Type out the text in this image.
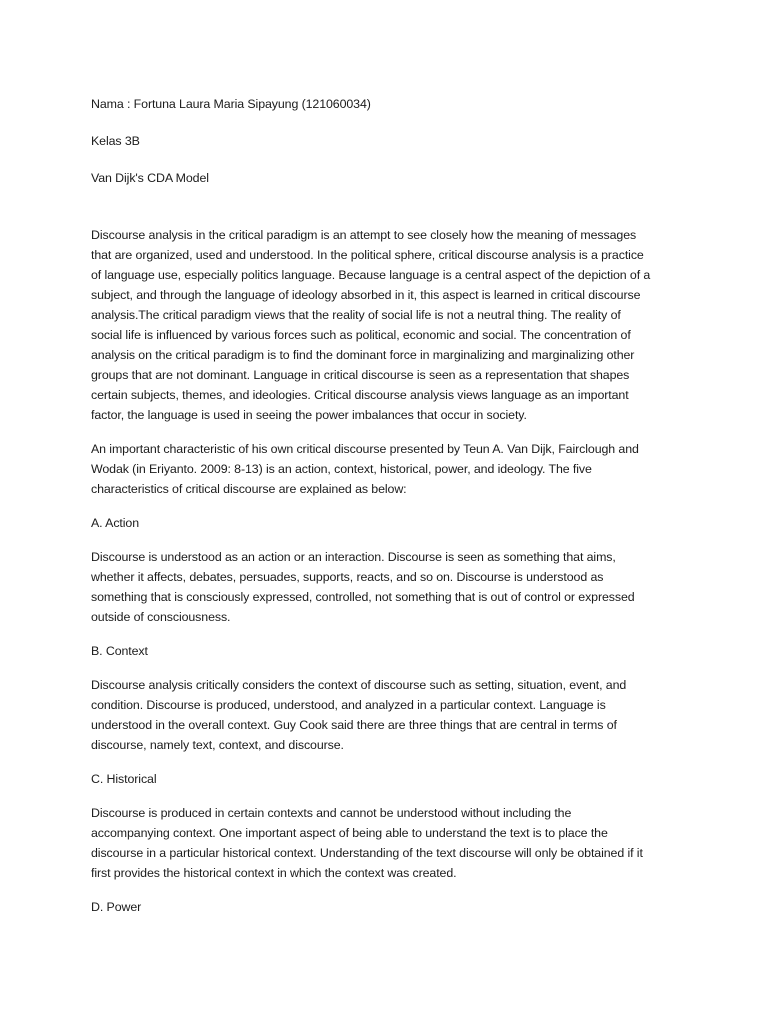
Nama : Fortuna Laura Maria Sipayung (121060034)

Kelas 3B

Van Dijk's CDA Model

Discourse analysis in the critical paradigm is an attempt to see closely how the meaning of messages

that are organized, used and understood. In the political sphere, critical discourse analysis is a practice

of language use, especially politics language. Because language is a central aspect of the depiction of a

subject, and through the language of ideology absorbed in it, this aspect is learned in critical discourse

analysis.The critical paradigm views that the reality of social life is not a neutral thing. The reality of

social life is influenced by various forces such as political, economic and social. The concentration of

analysis on the critical paradigm is to find the dominant force in marginalizing and marginalizing other

groups that are not dominant. Language in critical discourse is seen as a representation that shapes

certain subjects, themes, and ideologies. Critical discourse analysis views language as an important

factor, the language is used in seeing the power imbalances that occur in society.

An important characteristic of his own critical discourse presented by Teun A. Van Dijk, Fairclough and

Wodak (in Eriyanto. 2009: 8-13) is an action, context, historical, power, and ideology. The five

characteristics of critical discourse are explained as below:

A. Action

Discourse is understood as an action or an interaction. Discourse is seen as something that aims,

whether it affects, debates, persuades, supports, reacts, and so on. Discourse is understood as

something that is consciously expressed, controlled, not something that is out of control or expressed

outside of consciousness.

B. Context

Discourse analysis critically considers the context of discourse such as setting, situation, event, and

condition. Discourse is produced, understood, and analyzed in a particular context. Language is

understood in the overall context. Guy Cook said there are three things that are central in terms of

discourse, namely text, context, and discourse.

C. Historical

Discourse is produced in certain contexts and cannot be understood without including the

accompanying context. One important aspect of being able to understand the text is to place the

discourse in a particular historical context. Understanding of the text discourse will only be obtained if it

first provides the historical context in which the context was created.

D. Power
